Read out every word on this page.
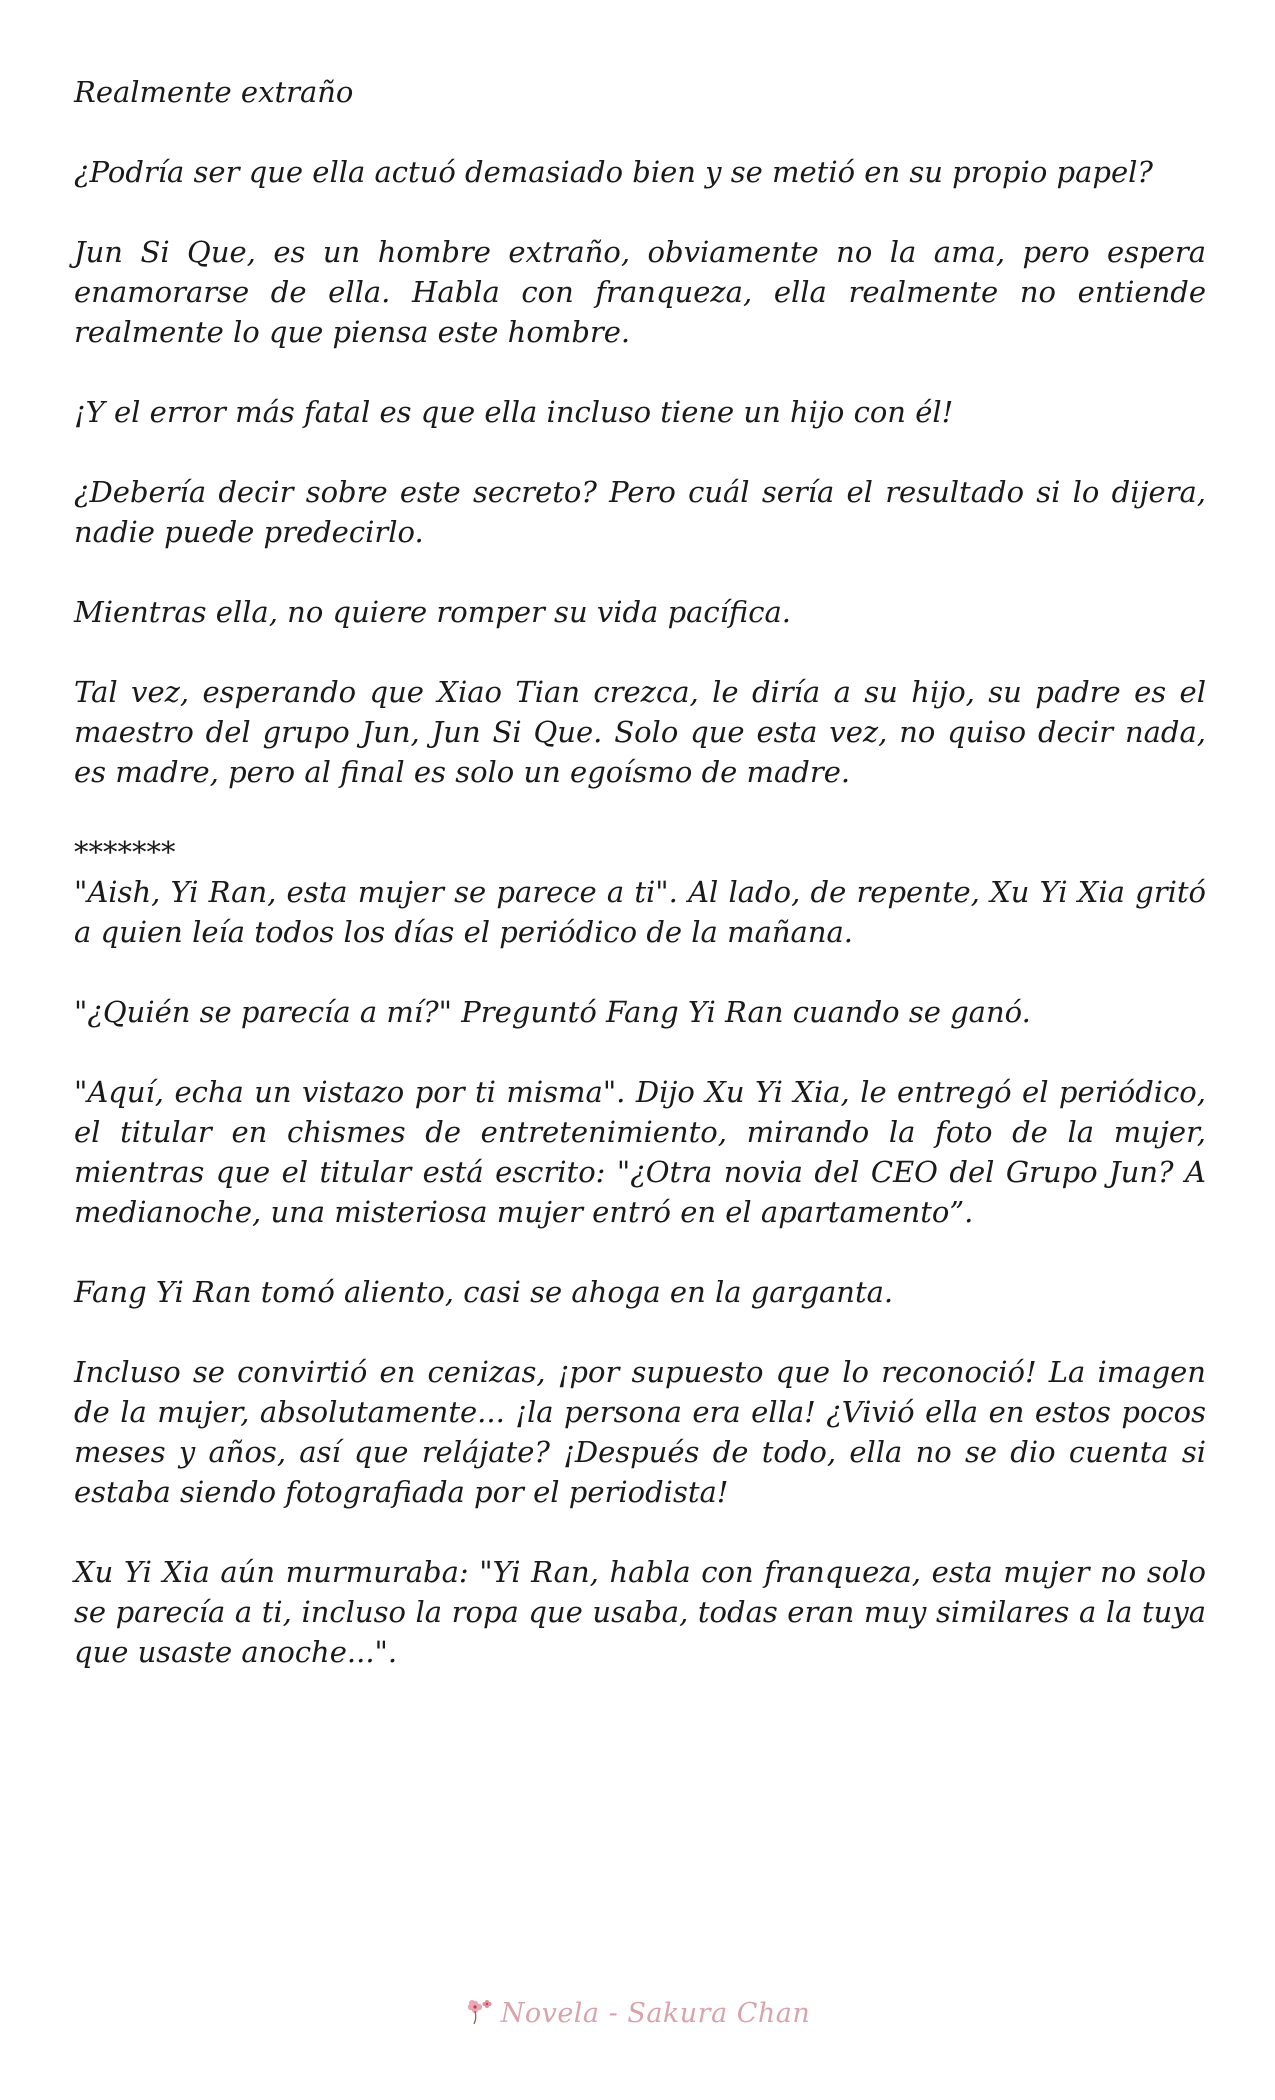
Realmente extraño

¿Podría ser que ella actuó demasiado bien y se metió en su propio papel?

Jun Si Que, es un hombre extraño, obviamente no la ama, pero espera enamorarse de ella. Habla con franqueza, ella realmente no entiende realmente lo que piensa este hombre.

¡Y el error más fatal es que ella incluso tiene un hijo con él!

¿Debería decir sobre este secreto? Pero cuál sería el resultado si lo dijera, nadie puede predecirlo.

Mientras ella, no quiere romper su vida pacífica.

Tal vez, esperando que Xiao Tian crezca, le diría a su hijo, su padre es el maestro del grupo Jun, Jun Si Que. Solo que esta vez, no quiso decir nada, es madre, pero al final es solo un egoísmo de madre.

*******

"Aish, Yi Ran, esta mujer se parece a ti". Al lado, de repente, Xu Yi Xia gritó a quien leía todos los días el periódico de la mañana.

"¿Quién se parecía a mí?" Preguntó Fang Yi Ran cuando se ganó.

"Aquí, echa un vistazo por ti misma". Dijo Xu Yi Xia, le entregó el periódico, el titular en chismes de entretenimiento, mirando la foto de la mujer, mientras que el titular está escrito: "¿Otra novia del CEO del Grupo Jun? A medianoche, una misteriosa mujer entró en el apartamento”.

Fang Yi Ran tomó aliento, casi se ahoga en la garganta.

Incluso se convirtió en cenizas, ¡por supuesto que lo reconoció! La imagen de la mujer, absolutamente... ¡la persona era ella! ¿Vivió ella en estos pocos meses y años, así que relájate? ¡Después de todo, ella no se dio cuenta si estaba siendo fotografiada por el periodista!

Xu Yi Xia aún murmuraba: "Yi Ran, habla con franqueza, esta mujer no solo se parecía a ti, incluso la ropa que usaba, todas eran muy similares a la tuya que usaste anoche...".

Novela - Sakura Chan
